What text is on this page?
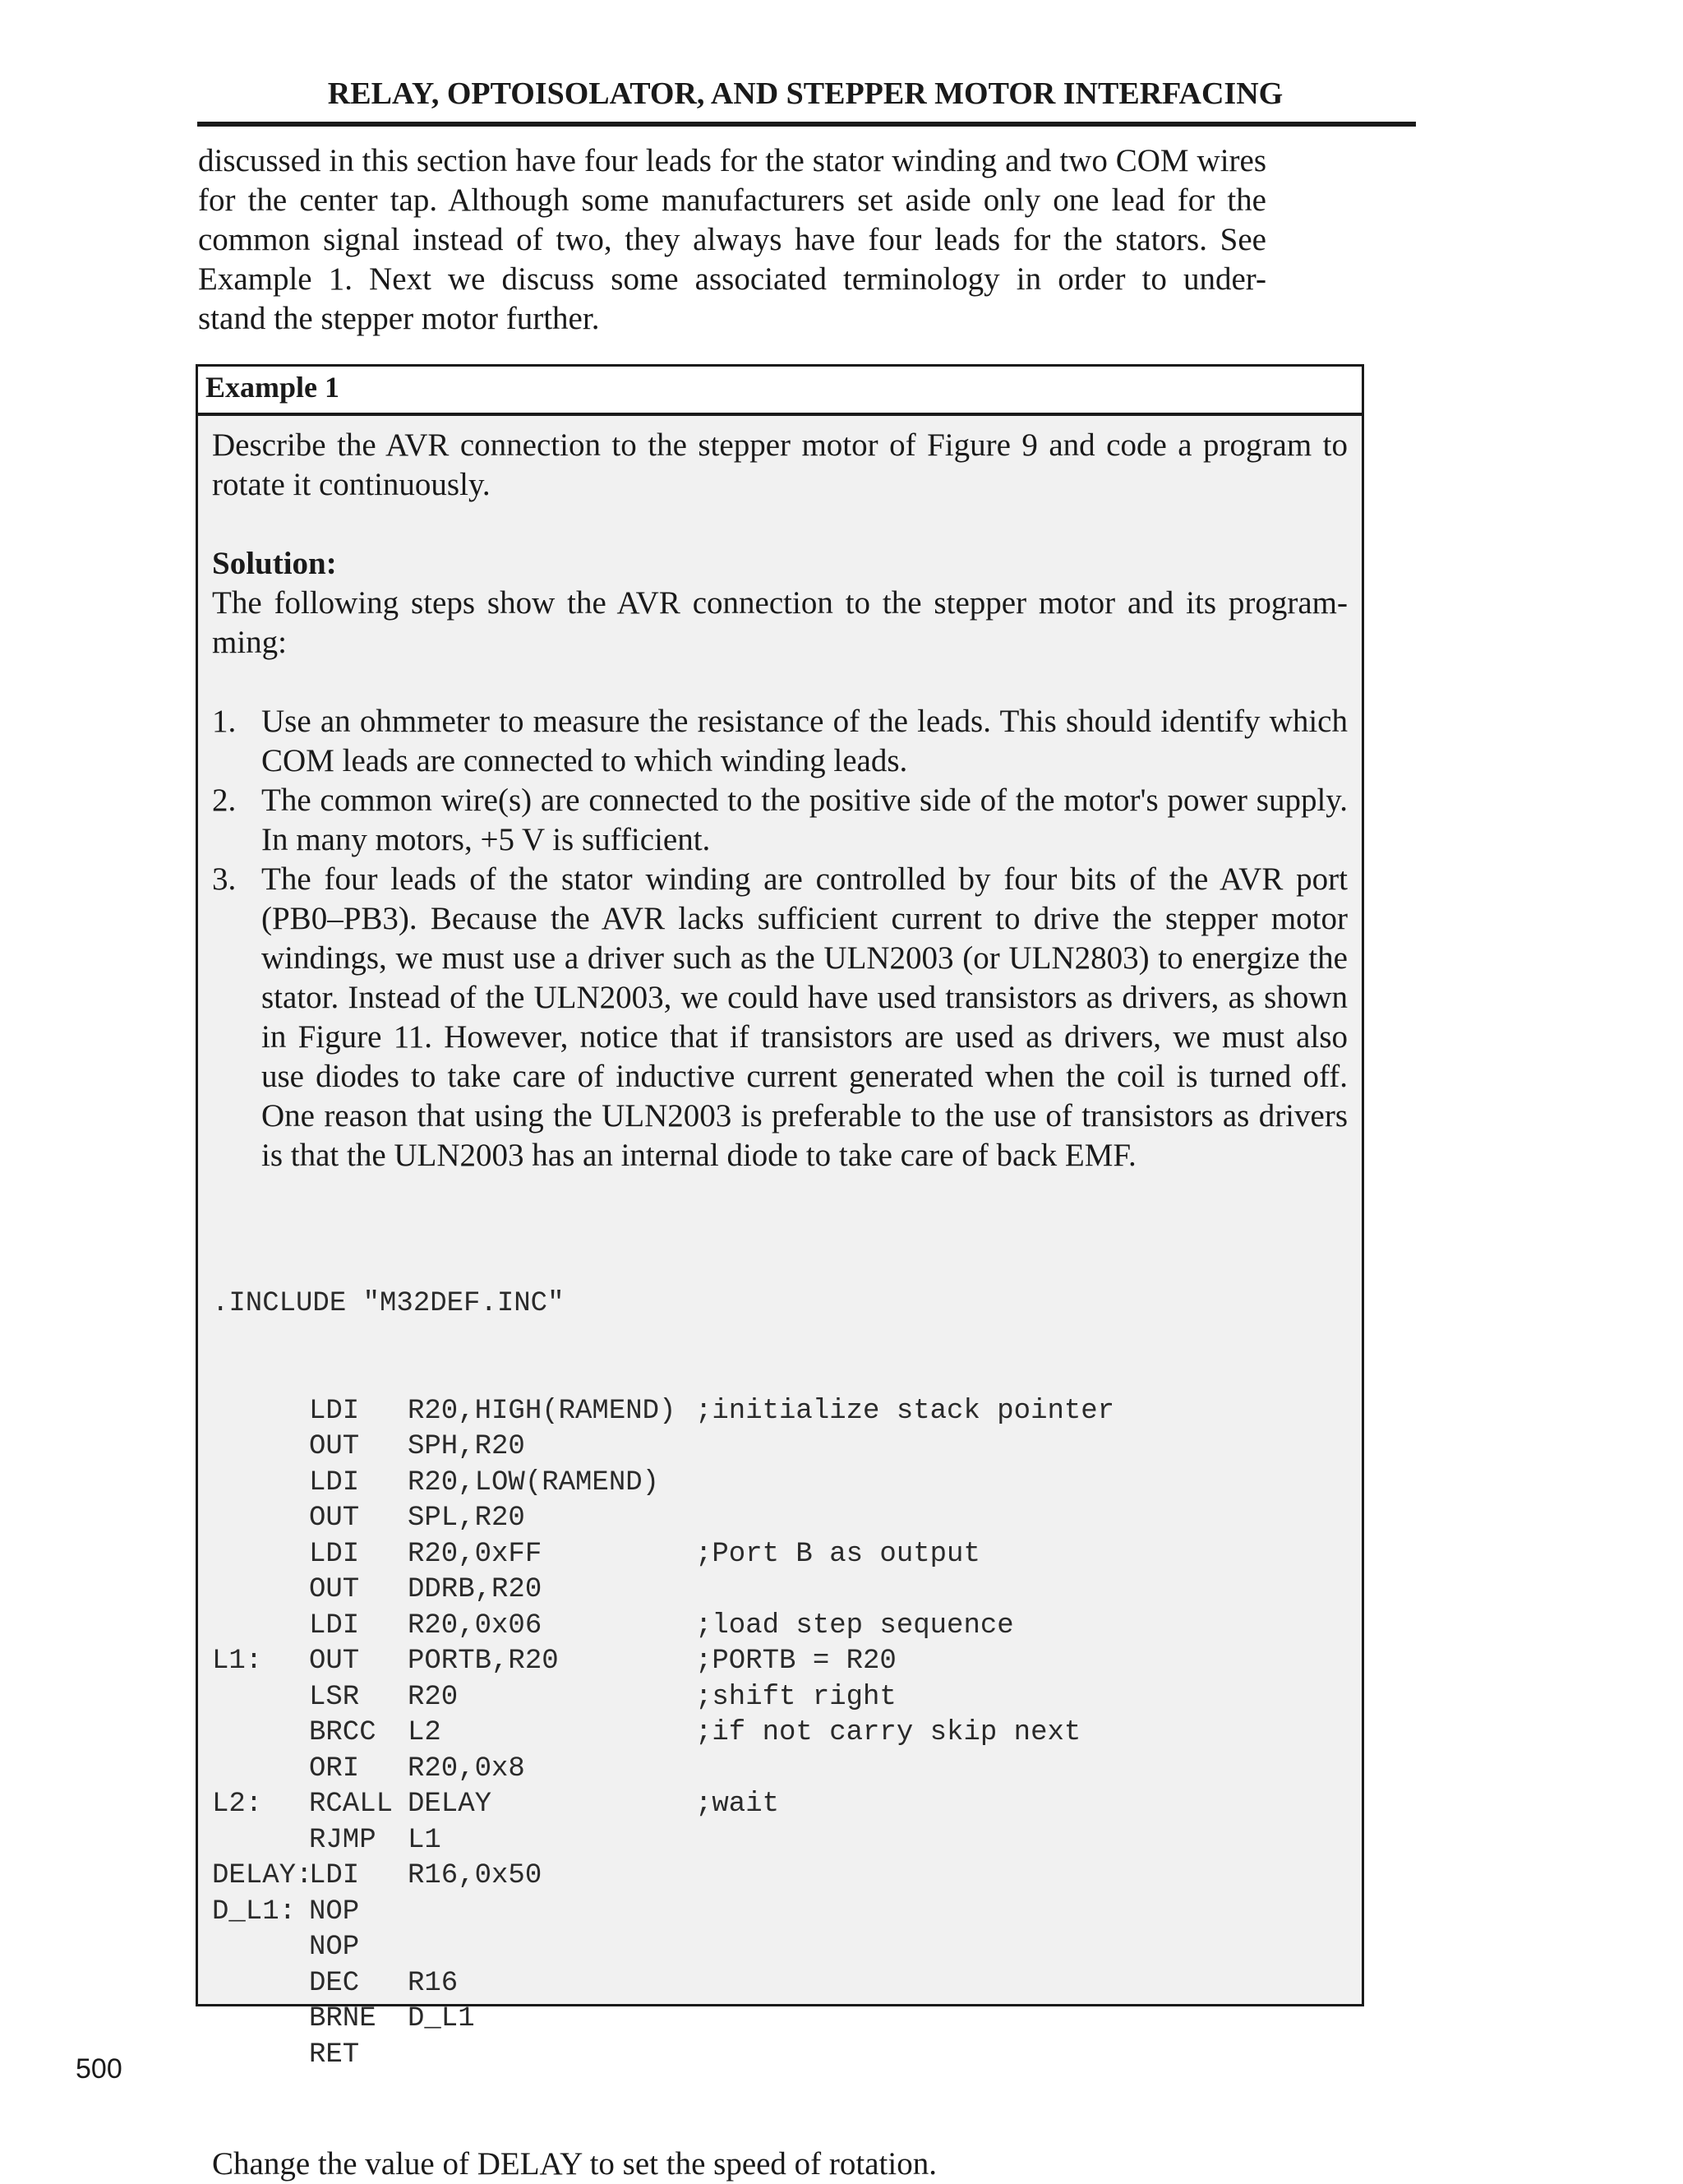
RELAY, OPTOISOLATOR, AND STEPPER MOTOR INTERFACING
discussed in this section have four leads for the stator winding and two COM wires
for the center tap. Although some manufacturers set aside only one lead for the
common signal instead of two, they always have four leads for the stators. See
Example 1. Next we discuss some associated terminology in order to under-
stand the stepper motor further.
Example 1
Describe the AVR connection to the stepper motor of Figure 9 and code a program to
rotate it continuously.
Solution:
The following steps show the AVR connection to the stepper motor and its program-
ming:
1. Use an ohmmeter to measure the resistance of the leads. This should identify which
COM leads are connected to which winding leads.
2. The common wire(s) are connected to the positive side of the motor's power supply.
In many motors, +5 V is sufficient.
3. The four leads of the stator winding are controlled by four bits of the AVR port
(PB0–PB3). Because the AVR lacks sufficient current to drive the stepper motor
windings, we must use a driver such as the ULN2003 (or ULN2803) to energize the
stator. Instead of the ULN2003, we could have used transistors as drivers, as shown
in Figure 11. However, notice that if transistors are used as drivers, we must also
use diodes to take care of inductive current generated when the coil is turned off.
One reason that using the ULN2003 is preferable to the use of transistors as drivers
is that the ULN2003 has an internal diode to take care of back EMF.

.INCLUDE "M32DEF.INC"

LDI R20,HIGH(RAMEND) ;initialize stack pointer
OUT SPH,R20
LDI R20,LOW(RAMEND)
OUT SPL,R20
LDI R20,0xFF	;Port B as output
OUT DDRB,R20
LDI R20,0x06	;load step sequence
L1: OUT PORTB,R20	;PORTB = R20
LSR R20	;shift right
BRCC L2	;if not carry skip next
ORI R20,0x8
L2: RCALL DELAY	;wait
RJMP L1
DELAY:
LDI R16,0x50
D_L1: NOP
NOP
DEC R16
BRNE D_L1
RET

Change the value of DELAY to set the speed of rotation.
500
